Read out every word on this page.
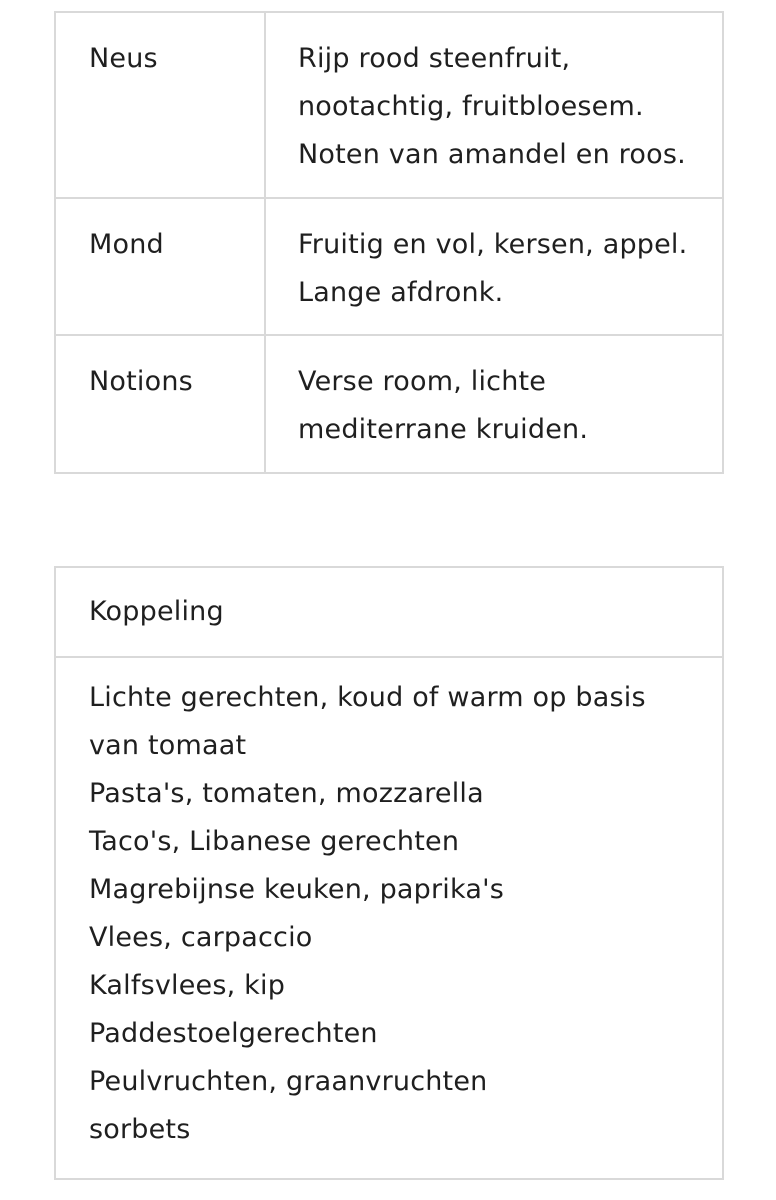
Neus	Rijp rood steenfruit, nootachtig, fruitbloesem. Noten van amandel en roos.
Mond	Fruitig en vol, kersen, appel. Lange afdronk.
Notions	Verse room, lichte mediterrane kruiden.
Koppeling
Lichte gerechten, koud of warm op basis van tomaat
Pasta's, tomaten, mozzarella
Taco's, Libanese gerechten
Magrebijnse keuken, paprika's
Vlees, carpaccio
Kalfsvlees, kip
Paddestoelgerechten
Peulvruchten, graanvruchten
sorbets
